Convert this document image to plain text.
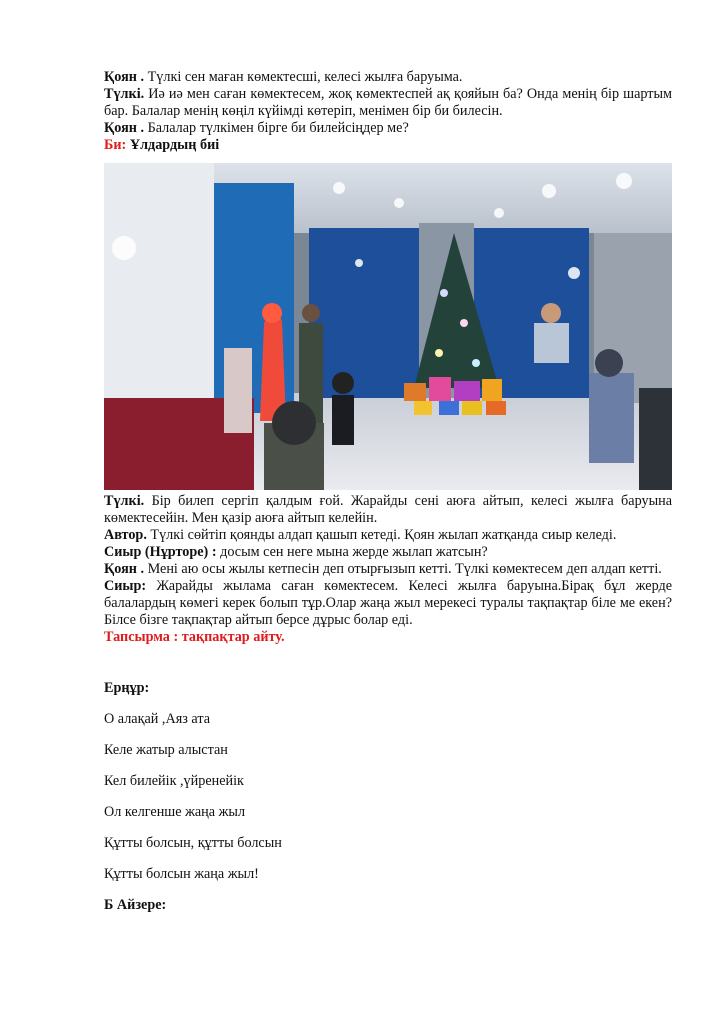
Қоян . Түлкі сен маған көмектесші, келесі жылға баруыма.

Түлкі. Иә иә мен саған көмектесем, жоқ көмектеспей ақ қояйын ба? Онда менің бір шартым бар. Балалар менің көңіл күйімді көтеріп, менімен бір би билесін.

Қоян . Балалар түлкімен бірге би билейсіңдер ме?

Би: Ұлдардың биі

Түлкі. Бір билеп сергіп қалдым ғой. Жарайды сені аюға айтып, келесі жылға баруына көмектесейін. Мен қазір аюға айтып келейін.

Автор. Түлкі сөйтіп қоянды алдап қашып кетеді. Қоян жылап жатқанда сиыр келеді.

Сиыр (Нұрторе) : досым сен неге мына жерде жылап жатсын?

Қоян . Мені аю осы жылы кетпесін деп отырғызып кетті. Түлкі көмектесем деп алдап кетті.

Сиыр: Жарайды жылама саған көмектесем. Келесі жылға баруына.Бірақ бұл жерде балалардың көмегі керек болып тұр.Олар жаңа жыл мерекесі туралы тақпақтар біле ме екен?Білсе бізге тақпақтар айтып берсе дұрыс болар еді.

Тапсырма : тақпақтар айту.

Ерңұр:

О алақай ,Аяз ата

Келе жатыр алыстан

Кел билейік ,үйренейік

Ол келгенше жаңа жыл

Құтты болсын, құтты болсын

Құтты болсын жаңа жыл!

Б Айзере:
